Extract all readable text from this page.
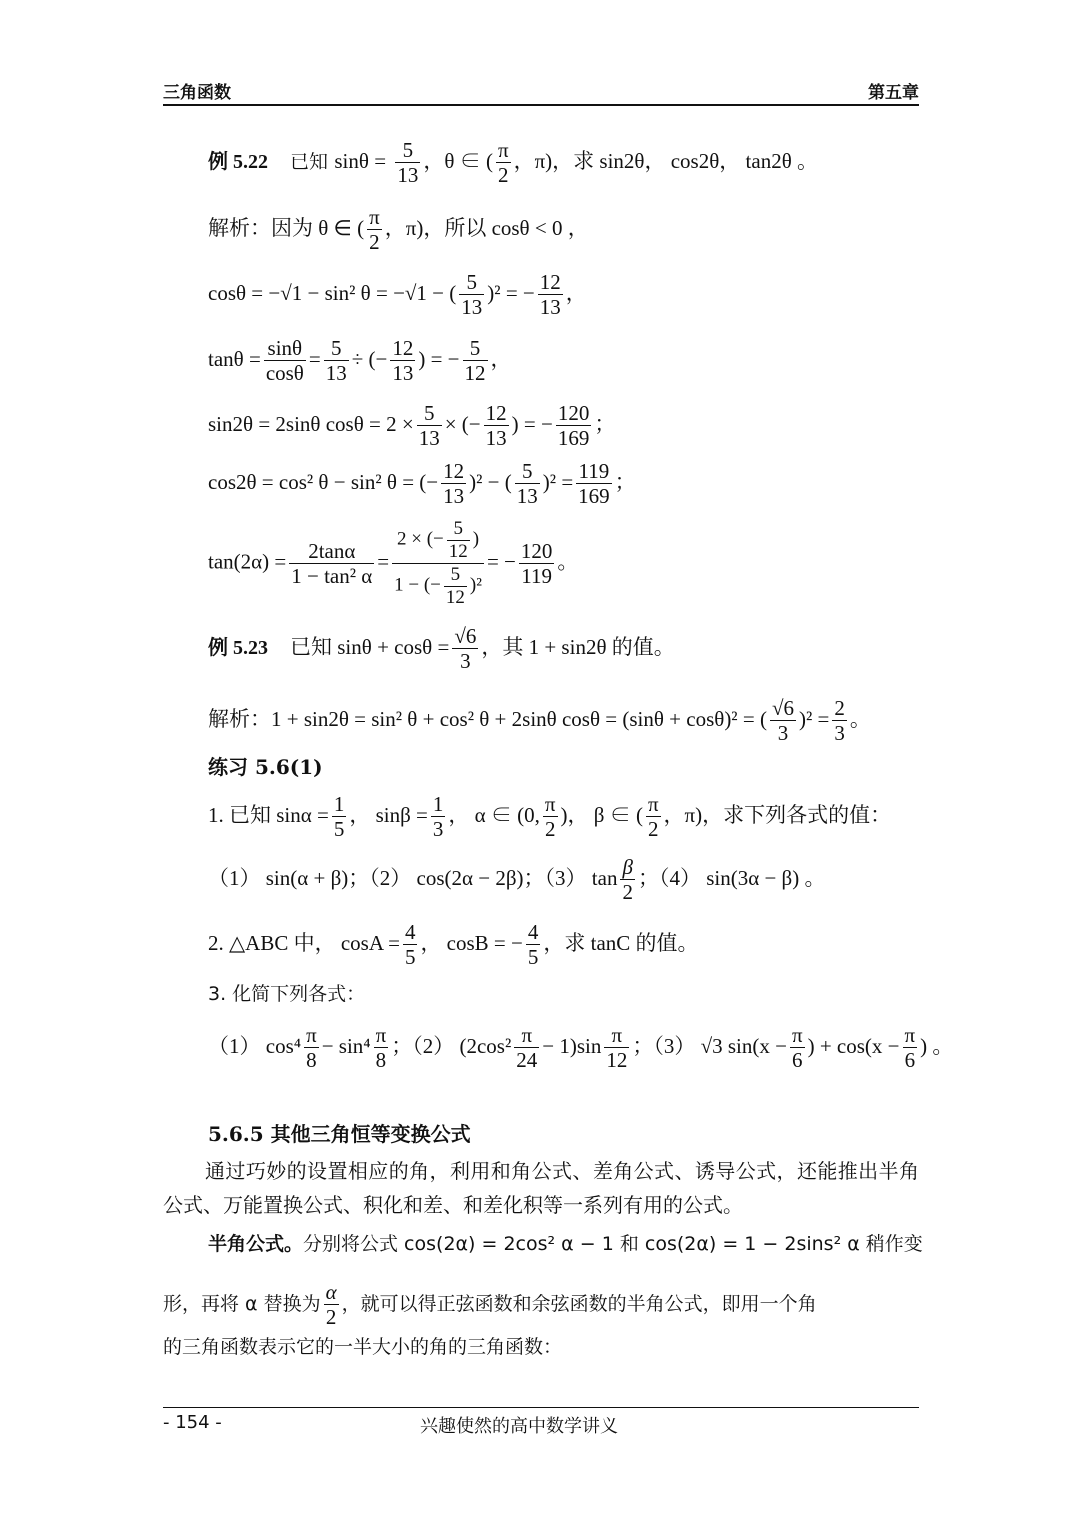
三角函数	第五章
例 5.22 已知 $\sin\theta = \frac{5}{13}$ ，θ ∈ ( $\frac{\pi}{2}$ ，π)，求 sin2θ， cos2θ， tan2θ 。
解析：因为 θ ∈ ( $\frac{\pi}{2}$ ，π)，所以 cosθ < 0 ，
cosθ = −√1 − sin² θ = −√1 − ( $\frac{5}{13} )^2$ = − $\frac{12}{13}$ ，
$\tan\theta = \frac{\sin\theta}{\cos\theta} = \frac{5}{13}$ ÷ (− $\frac{12}{13}$ ) = − $\frac{5}{12}$ ，
sin2θ = 2sinθ $\cos\theta = 2 \times \frac{5}{13}$ × (− $\frac{12}{13}$ ) = − $\frac{120}{169}$ ；
cos2θ = cos² θ − sin² θ = (− $\frac{12}{13} )^2$ − ( $\frac{5}{13} )^2 = \frac{119}{169}$ ；
$\tan(2\alpha) = \frac{2\tan\alpha}{\text{1 − tan² α}} = \frac{2 \times (- \frac{5}{12} )}{1 - (- \frac{5}{12} )^2}$ = − $\frac{120}{119}$ 。
例 5.23 已知 $\sin\theta + \cos\theta = \frac{√6}{3}$ ，其 1 + sin2θ 的值。
解析：1 + sin2θ = sin² θ + cos² θ + 2sinθ cosθ = (sinθ + cosθ)² = ( $\frac{√6}{3} )^2 = \frac{2}{3}$ 。
练习 5.6(1)
1. 已知 $\sin\alpha = \frac{1}{5}$ ， $\sin\beta = \frac{1}{3}$ ， α ∈ (0, $\frac{\pi}{2}$ )， β ∈ ( $\frac{\pi}{2}$ ，π)，求下列各式的值：
（1） sin(α + β)；（2） cos(2α − 2β)；（3） $\tan \frac{\beta}{2}$ ；（4） sin(3α − β) 。
2. △ABC 中， $\cos A = \frac{4}{5}$ ， cosB = − $\frac{4}{5}$ ，求 tanC 的值。
3. 化简下列各式：
（1） $\cos^4 \frac{\pi}{8} - \sin^4 \frac{\pi}{8}$ ；（2） $(2\cos^2 \frac{\pi}{24} - 1)\sin \frac{\pi}{12}$ ；（3） √3 $\sin(x - \frac{\pi}{6}$ ) + $\cos(x - \frac{\pi}{6}$ ) 。
5.6.5 其他三角恒等变换公式
通过巧妙的设置相应的角，利用和角公式、差角公式、诱导公式，还能推出半角公式、万能置换公式、积化和差、和差化积等一系列有用的公式。
半角公式。分别将公式 cos(2α) = 2cos² α − 1 和 cos(2α) = 1 − 2sins² α 稍作变
形，再将 α 替换为 $\frac{\alpha}{2}$ ，就可以得正弦函数和余弦函数的半角公式，即用一个角
的三角函数表示它的一半大小的角的三角函数：
- 154 -	兴趣使然的高中数学讲义
